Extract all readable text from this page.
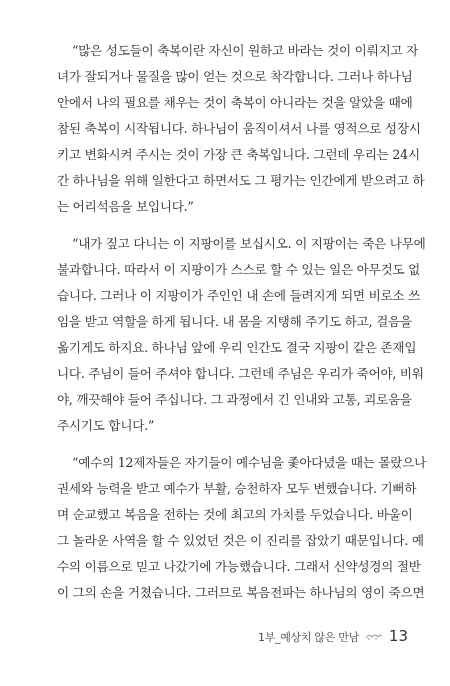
“많은 성도들이 축복이란 자신이 원하고 바라는 것이 이뤄지고 자
녀가 잘되거나 물질을 많이 얻는 것으로 착각합니다. 그러나 하나님
안에서 나의 필요를 채우는 것이 축복이 아니라는 것을 알았을 때에
참된 축복이 시작됩니다. 하나님이 움직이셔서 나를 영적으로 성장시
키고 변화시켜 주시는 것이 가장 큰 축복입니다. 그런데 우리는 24시
간 하나님을 위해 일한다고 하면서도 그 평가는 인간에게 받으려고 하
는 어리석음을 보입니다.”
“내가 짚고 다니는 이 지팡이를 보십시오. 이 지팡이는 죽은 나무에
불과합니다. 따라서 이 지팡이가 스스로 할 수 있는 일은 아무것도 없
습니다. 그러나 이 지팡이가 주인인 내 손에 들려지게 되면 비로소 쓰
임을 받고 역할을 하게 됩니다. 내 몸을 지탱해 주기도 하고, 걸음을
옮기게도 하지요. 하나님 앞에 우리 인간도 결국 지팡이 같은 존재입
니다. 주님이 들어 주셔야 합니다. 그런데 주님은 우리가 죽어야, 비워
야, 깨끗해야 들어 주십니다. 그 과정에서 긴 인내와 고통, 괴로움을
주시기도 합니다.”
“예수의 12제자들은 자기들이 예수님을 좇아다녔을 때는 몰랐으나
권세와 능력을 받고 예수가 부활, 승천하자 모두 변했습니다. 기뻐하
며 순교했고 복음을 전하는 것에 최고의 가치를 두었습니다. 바울이
그 놀라운 사역을 할 수 있었던 것은 이 진리를 잡았기 때문입니다. 예
수의 이름으로 믿고 나갔기에 가능했습니다. 그래서 신약성경의 절반
이 그의 손을 거쳤습니다. 그러므로 복음전파는 하나님의 영이 죽으면
1부_예상치 않은 만남 13
